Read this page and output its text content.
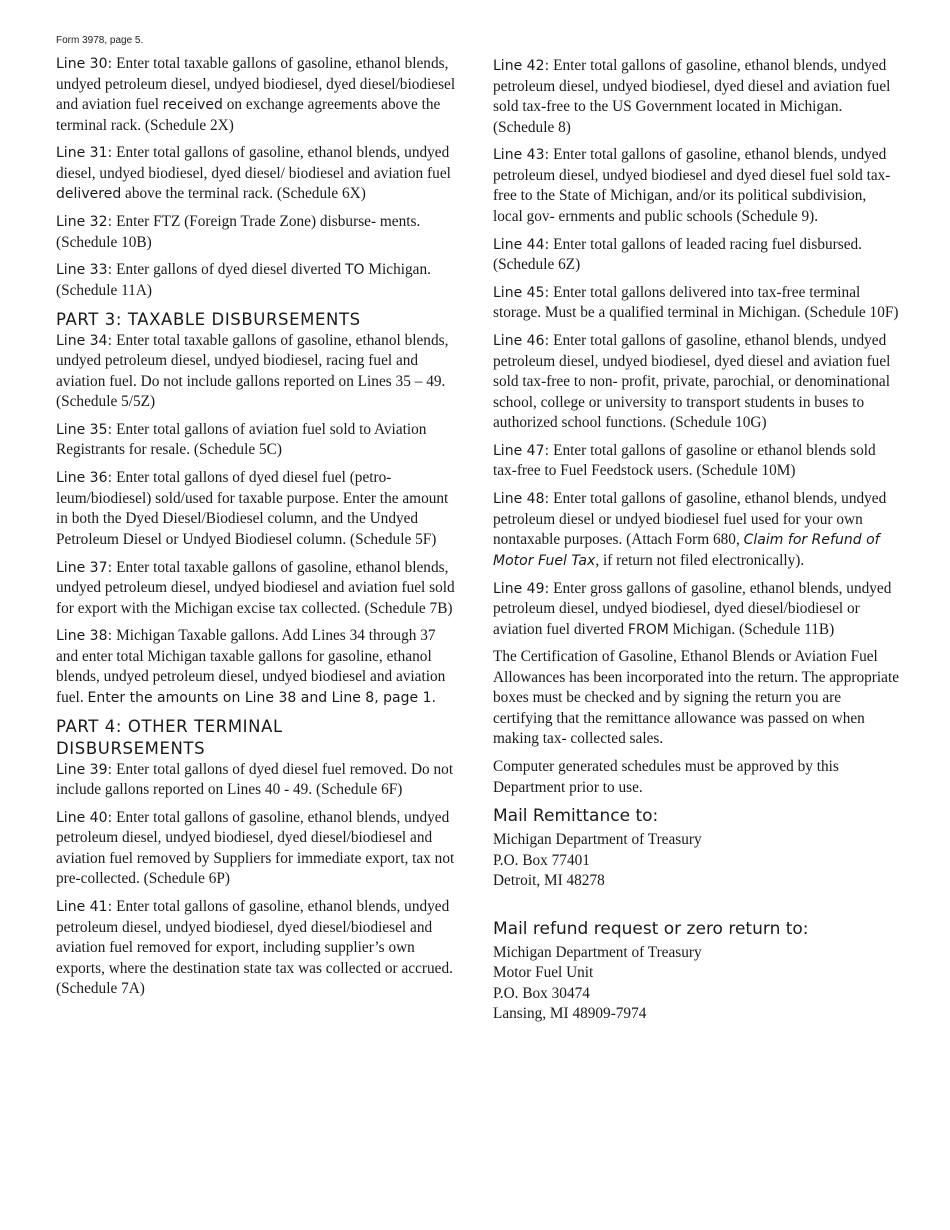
Form 3978, page 5.

Line 30: Enter total taxable gallons of gasoline, ethanol blends, undyed petroleum diesel, undyed biodiesel, dyed diesel/biodiesel and aviation fuel received on exchange agreements above the terminal rack. (Schedule 2X)

Line 31: Enter total gallons of gasoline, ethanol blends, undyed diesel, undyed biodiesel, dyed diesel/ biodiesel and aviation fuel delivered above the terminal rack. (Schedule 6X)

Line 32: Enter FTZ (Foreign Trade Zone) disburse- ments. (Schedule 10B)

Line 33: Enter gallons of dyed diesel diverted TO Michigan. (Schedule 11A)

PART 3: TAXABLE DISBURSEMENTS

Line 34: Enter total taxable gallons of gasoline, ethanol blends, undyed petroleum diesel, undyed biodiesel, racing fuel and aviation fuel. Do not include gallons reported on Lines 35 – 49. (Schedule 5/5Z)

Line 35: Enter total gallons of aviation fuel sold to Aviation Registrants for resale. (Schedule 5C)

Line 36: Enter total gallons of dyed diesel fuel (petro- leum/biodiesel) sold/used for taxable purpose. Enter the amount in both the Dyed Diesel/Biodiesel column, and the Undyed Petroleum Diesel or Undyed Biodiesel column. (Schedule 5F)

Line 37: Enter total taxable gallons of gasoline, ethanol blends, undyed petroleum diesel, undyed biodiesel and aviation fuel sold for export with the Michigan excise tax collected. (Schedule 7B)

Line 38: Michigan Taxable gallons. Add Lines 34 through 37 and enter total Michigan taxable gallons for gasoline, ethanol blends, undyed petroleum diesel, undyed biodiesel and aviation fuel. Enter the amounts on Line 38 and Line 8, page 1.

PART 4: OTHER TERMINAL DISBURSEMENTS

Line 39: Enter total gallons of dyed diesel fuel removed. Do not include gallons reported on Lines 40 - 49. (Schedule 6F)

Line 40: Enter total gallons of gasoline, ethanol blends, undyed petroleum diesel, undyed biodiesel, dyed diesel/biodiesel and aviation fuel removed by Suppliers for immediate export, tax not pre-collected. (Schedule 6P)

Line 41: Enter total gallons of gasoline, ethanol blends, undyed petroleum diesel, undyed biodiesel, dyed diesel/biodiesel and aviation fuel removed for export, including supplier’s own exports, where the destination state tax was collected or accrued. (Schedule 7A)

Line 42: Enter total gallons of gasoline, ethanol blends, undyed petroleum diesel, undyed biodiesel, dyed diesel and aviation fuel sold tax-free to the US Government located in Michigan. (Schedule 8)

Line 43: Enter total gallons of gasoline, ethanol blends, undyed petroleum diesel, undyed biodiesel and dyed diesel fuel sold tax-free to the State of Michigan, and/or its political subdivision, local gov- ernments and public schools (Schedule 9).

Line 44: Enter total gallons of leaded racing fuel disbursed. (Schedule 6Z)

Line 45: Enter total gallons delivered into tax-free terminal storage. Must be a qualified terminal in Michigan. (Schedule 10F)

Line 46: Enter total gallons of gasoline, ethanol blends, undyed petroleum diesel, undyed biodiesel, dyed diesel and aviation fuel sold tax-free to non- profit, private, parochial, or denominational school, college or university to transport students in buses to authorized school functions. (Schedule 10G)

Line 47: Enter total gallons of gasoline or ethanol blends sold tax-free to Fuel Feedstock users. (Schedule 10M)

Line 48: Enter total gallons of gasoline, ethanol blends, undyed petroleum diesel or undyed biodiesel fuel used for your own nontaxable purposes. (Attach Form 680, Claim for Refund of Motor Fuel Tax, if return not filed electronically).

Line 49: Enter gross gallons of gasoline, ethanol blends, undyed petroleum diesel, undyed biodiesel, dyed diesel/biodiesel or aviation fuel diverted FROM Michigan. (Schedule 11B)

The Certification of Gasoline, Ethanol Blends or Aviation Fuel Allowances has been incorporated into the return. The appropriate boxes must be checked and by signing the return you are certifying that the remittance allowance was passed on when making tax- collected sales.

Computer generated schedules must be approved by this Department prior to use.

Mail Remittance to:
Michigan Department of Treasury
P.O. Box 77401
Detroit, MI 48278
Mail refund request or zero return to:
Michigan Department of Treasury
Motor Fuel Unit
P.O. Box 30474
Lansing, MI 48909-7974
